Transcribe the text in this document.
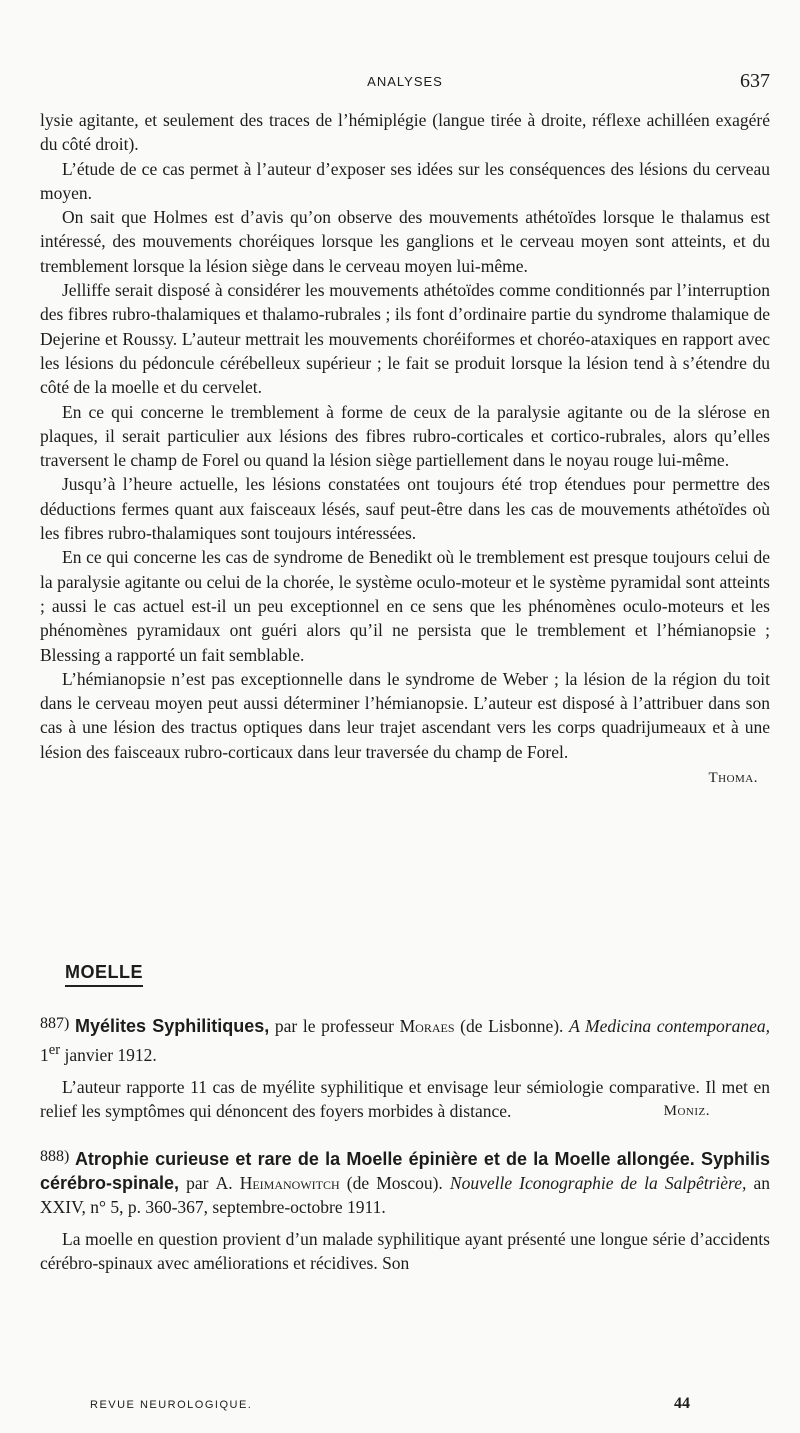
ANALYSES	637

lysie agitante, et seulement des traces de l’hémiplégie (langue tirée à droite, réflexe achilléen exagéré du côté droit).

L’étude de ce cas permet à l’auteur d’exposer ses idées sur les conséquences des lésions du cerveau moyen.

On sait que Holmes est d’avis qu’on observe des mouvements athétoïdes lorsque le thalamus est intéressé, des mouvements choréiques lorsque les ganglions et le cerveau moyen sont atteints, et du tremblement lorsque la lésion siège dans le cerveau moyen lui-même.

Jelliffe serait disposé à considérer les mouvements athétoïdes comme conditionnés par l’interruption des fibres rubro-thalamiques et thalamo-rubrales ; ils font d’ordinaire partie du syndrome thalamique de Dejerine et Roussy. L’auteur mettrait les mouvements choréiformes et choréo-ataxiques en rapport avec les lésions du pédoncule cérébelleux supérieur ; le fait se produit lorsque la lésion tend à s’étendre du côté de la moelle et du cervelet.

En ce qui concerne le tremblement à forme de ceux de la paralysie agitante ou de la slérose en plaques, il serait particulier aux lésions des fibres rubro-corticales et cortico-rubrales, alors qu’elles traversent le champ de Forel ou quand la lésion siège partiellement dans le noyau rouge lui-même.

Jusqu’à l’heure actuelle, les lésions constatées ont toujours été trop étendues pour permettre des déductions fermes quant aux faisceaux lésés, sauf peut-être dans les cas de mouvements athétoïdes où les fibres rubro-thalamiques sont toujours intéressées.

En ce qui concerne les cas de syndrome de Benedikt où le tremblement est presque toujours celui de la paralysie agitante ou celui de la chorée, le système oculo-moteur et le système pyramidal sont atteints ; aussi le cas actuel est-il un peu exceptionnel en ce sens que les phénomènes oculo-moteurs et les phénomènes pyramidaux ont guéri alors qu’il ne persista que le tremblement et l’hémianopsie ; Blessing a rapporté un fait semblable.

L’hémianopsie n’est pas exceptionnelle dans le syndrome de Weber ; la lésion de la région du toit dans le cerveau moyen peut aussi déterminer l’hémianopsie. L’auteur est disposé à l’attribuer dans son cas à une lésion des tractus optiques dans leur trajet ascendant vers les corps quadrijumeaux et à une lésion des faisceaux rubro-corticaux dans leur traversée du champ de Forel.

Thoma.
MOELLE

887) Myélites Syphilitiques, par le professeur Moraes (de Lisbonne). A Medicina contemporanea, 1er janvier 1912.

L’auteur rapporte 11 cas de myélite syphilitique et envisage leur sémiologie comparative. Il met en relief les symptômes qui dénoncent des foyers morbides à distance.	Moniz.

888) Atrophie curieuse et rare de la Moelle épinière et de la Moelle allongée. Syphilis cérébro-spinale, par A. Heimanowitch (de Moscou). Nouvelle Iconographie de la Salpêtrière, an XXIV, n° 5, p. 360-367, septembre-octobre 1911.

La moelle en question provient d’un malade syphilitique ayant présenté une longue série d’accidents cérébro-spinaux avec améliorations et récidives. Son

REVUE NEUROLOGIQUE.	44
